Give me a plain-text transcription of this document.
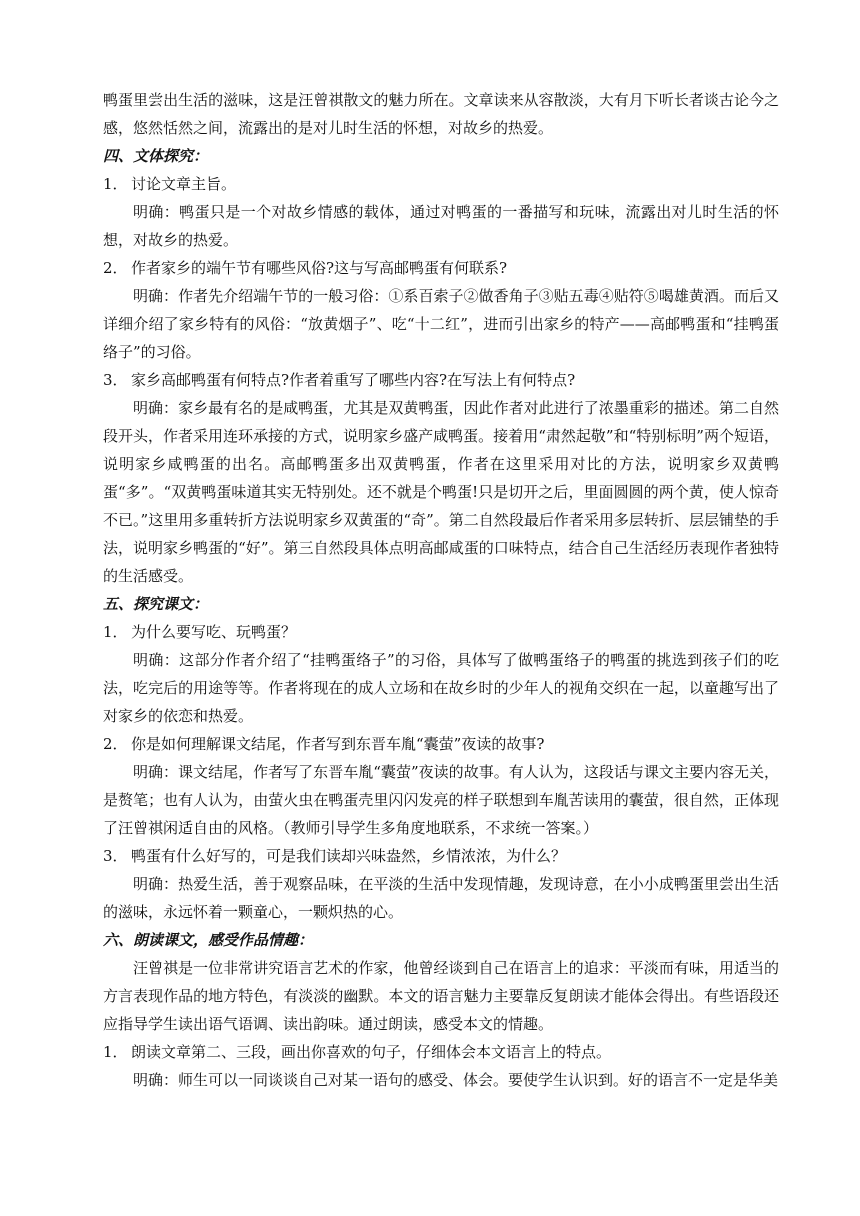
鸭蛋里尝出生活的滋味，这是汪曾祺散文的魅力所在。文章读来从容散淡，大有月下听长者谈古论今之感，悠然恬然之间，流露出的是对儿时生活的怀想，对故乡的热爱。

四、文体探究：

1． 讨论文章主旨。

明确：鸭蛋只是一个对故乡情感的载体，通过对鸭蛋的一番描写和玩味，流露出对儿时生活的怀想，对故乡的热爱。

2． 作者家乡的端午节有哪些风俗?这与写高邮鸭蛋有何联系?

明确：作者先介绍端午节的一般习俗：①系百索子②做香角子③贴五毒④贴符⑤喝雄黄酒。而后又详细介绍了家乡特有的风俗：“放黄烟子”、吃“十二红”，进而引出家乡的特产——高邮鸭蛋和“挂鸭蛋络子”的习俗。

3． 家乡高邮鸭蛋有何特点?作者着重写了哪些内容?在写法上有何特点?

明确：家乡最有名的是咸鸭蛋，尤其是双黄鸭蛋，因此作者对此进行了浓墨重彩的描述。第二自然段开头，作者采用连环承接的方式，说明家乡盛产咸鸭蛋。接着用“肃然起敬”和“特别标明”两个短语，说明家乡咸鸭蛋的出名。高邮鸭蛋多出双黄鸭蛋，作者在这里采用对比的方法，说明家乡双黄鸭蛋“多”。“双黄鸭蛋味道其实无特别处。还不就是个鸭蛋!只是切开之后，里面圆圆的两个黄，使人惊奇不已。”这里用多重转折方法说明家乡双黄蛋的“奇”。第二自然段最后作者采用多层转折、层层铺垫的手法，说明家乡鸭蛋的“好”。第三自然段具体点明高邮咸蛋的口味特点，结合自己生活经历表现作者独特的生活感受。

五、探究课文：

1． 为什么要写吃、玩鸭蛋？

明确：这部分作者介绍了“挂鸭蛋络子”的习俗，具体写了做鸭蛋络子的鸭蛋的挑选到孩子们的吃法，吃完后的用途等等。作者将现在的成人立场和在故乡时的少年人的视角交织在一起，以童趣写出了对家乡的依恋和热爱。

2． 你是如何理解课文结尾，作者写到东晋车胤“囊萤”夜读的故事?

明确：课文结尾，作者写了东晋车胤“囊萤”夜读的故事。有人认为，这段话与课文主要内容无关，是赘笔；也有人认为，由萤火虫在鸭蛋壳里闪闪发亮的样子联想到车胤苦读用的囊萤，很自然，正体现了汪曾祺闲适自由的风格。（教师引导学生多角度地联系，不求统一答案。）

3． 鸭蛋有什么好写的，可是我们读却兴味盎然，乡情浓浓，为什么？

明确：热爱生活，善于观察品味，在平淡的生活中发现情趣，发现诗意，在小小成鸭蛋里尝出生活的滋味，永远怀着一颗童心，一颗炽热的心。

六、朗读课文，感受作品情趣：

汪曾祺是一位非常讲究语言艺术的作家，他曾经谈到自己在语言上的追求：平淡而有味，用适当的方言表现作品的地方特色，有淡淡的幽默。本文的语言魅力主要靠反复朗读才能体会得出。有些语段还应指导学生读出语气语调、读出韵味。通过朗读，感受本文的情趣。

1． 朗读文章第二、三段，画出你喜欢的句子，仔细体会本文语言上的特点。

明确：师生可以一同谈谈自己对某一语句的感受、体会。要使学生认识到。好的语言不一定是华美
